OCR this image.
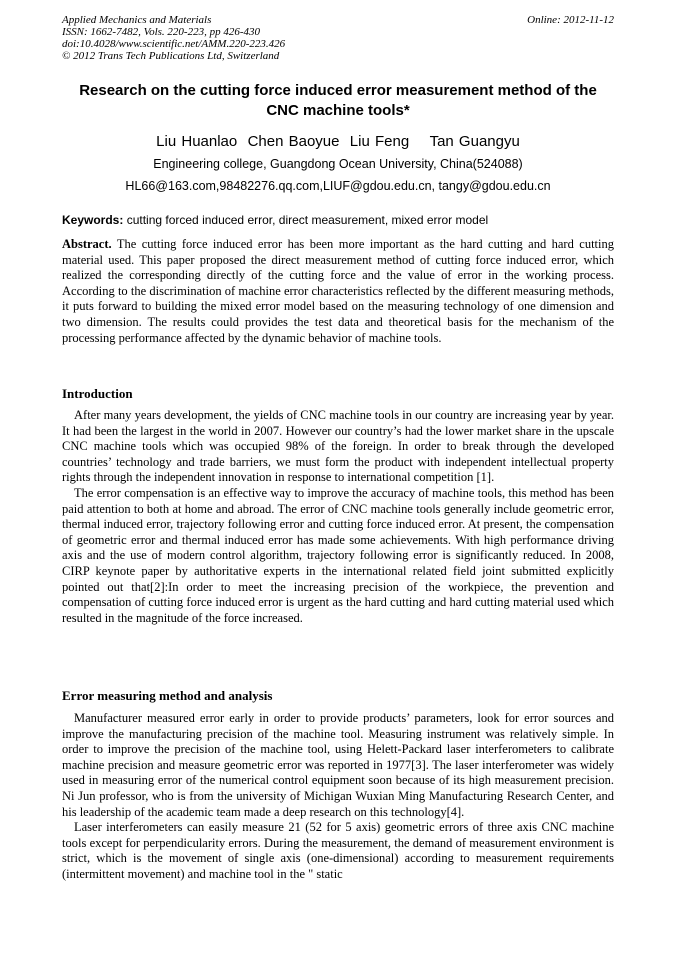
Applied Mechanics and Materials
ISSN: 1662-7482, Vols. 220-223, pp 426-430
doi:10.4028/www.scientific.net/AMM.220-223.426
© 2012 Trans Tech Publications Ltd, Switzerland
Online: 2012-11-12
Research on the cutting force induced error measurement method of the CNC machine tools*
Liu Huanlao  Chen Baoyue  Liu Feng    Tan Guangyu
Engineering college, Guangdong Ocean University, China(524088)
HL66@163.com,98482276.qq.com,LIUF@gdou.edu.cn, tangy@gdou.edu.cn
Keywords: cutting forced induced error, direct measurement, mixed error model

Abstract. The cutting force induced error has been more important as the hard cutting and hard cutting material used. This paper proposed the direct measurement method of cutting force induced error, which realized the corresponding directly of the cutting force and the value of error in the working process. According to the discrimination of machine error characteristics reflected by the different measuring methods, it puts forward to building the mixed error model based on the measuring technology of one dimension and two dimension. The results could provides the test data and theoretical basis for the mechanism of the processing performance affected by the dynamic behavior of machine tools.

Introduction

After many years development, the yields of CNC machine tools in our country are increasing year by year. It had been the largest in the world in 2007. However our country’s had the lower market share in the upscale CNC machine tools which was occupied 98% of the foreign. In order to break through the developed countries’ technology and trade barriers, we must form the product with independent intellectual property rights through the independent innovation in response to international competition [1].

The error compensation is an effective way to improve the accuracy of machine tools, this method has been paid attention to both at home and abroad. The error of CNC machine tools generally include geometric error, thermal induced error, trajectory following error and cutting force induced error. At present, the compensation of geometric error and thermal induced error has made some achievements. With high performance driving axis and the use of modern control algorithm, trajectory following error is significantly reduced. In 2008, CIRP keynote paper by authoritative experts in the international related field joint submitted explicitly pointed out that[2]:In order to meet the increasing precision of the workpiece, the prevention and compensation of cutting force induced error is urgent as the hard cutting and hard cutting material used which resulted in the magnitude of the force increased.

Error measuring method and analysis

Manufacturer measured error early in order to provide products’ parameters, look for error sources and improve the manufacturing precision of the machine tool. Measuring instrument was relatively simple. In order to improve the precision of the machine tool, using Helett-Packard laser interferometers to calibrate machine precision and measure geometric error was reported in 1977[3]. The laser interferometer was widely used in measuring error of the numerical control equipment soon because of its high measurement precision. Ni Jun professor, who is from the university of Michigan Wuxian Ming Manufacturing Research Center, and his leadership of the academic team made a deep research on this technology[4].

Laser interferometers can easily measure 21 (52 for 5 axis) geometric errors of three axis CNC machine tools except for perpendicularity errors. During the measurement, the demand of measurement environment is strict, which is the movement of single axis (one-dimensional) according to measurement requirements (intermittent movement) and machine tool in the " static
